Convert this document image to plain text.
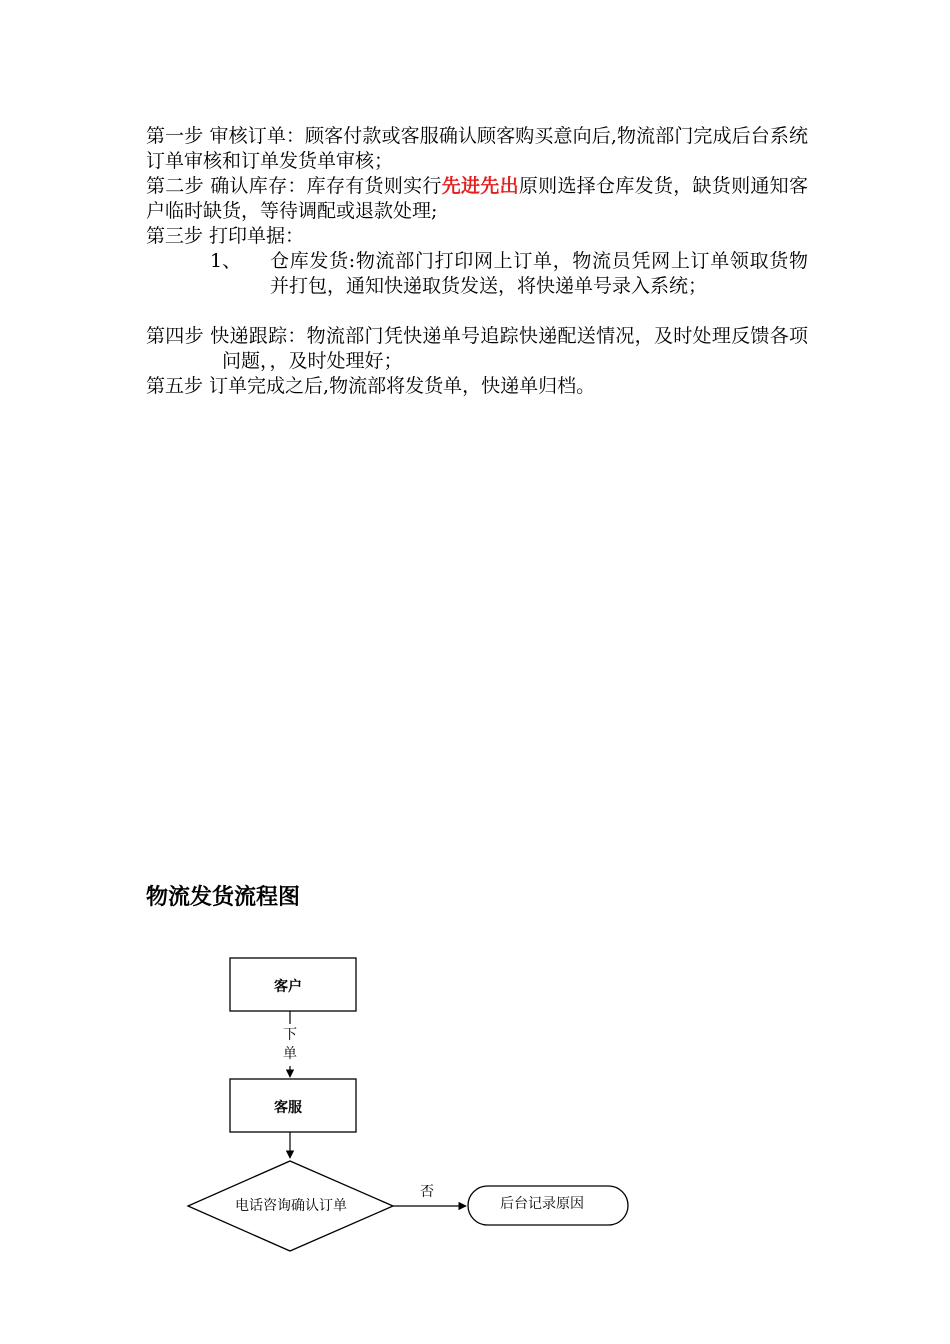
第一步 审核订单：顾客付款或客服确认顾客购买意向后,物流部门完成后台系统订单审核和订单发货单审核；
第二步 确认库存：库存有货则实行先进先出原则选择仓库发货，缺货则通知客户临时缺货，等待调配或退款处理;
第三步 打印单据：
1、 仓库发货:物流部门打印网上订单，物流员凭网上订单领取货物并打包，通知快递取货发送，将快递单号录入系统；
第四步 快递跟踪：物流部门凭快递单号追踪快递配送情况，及时处理反馈各项问题，，及时处理好；
第五步 订单完成之后,物流部将发货单，快递单归档。
物流发货流程图
客户
下
单
客服
电话咨询确认订单
否
后台记录原因
